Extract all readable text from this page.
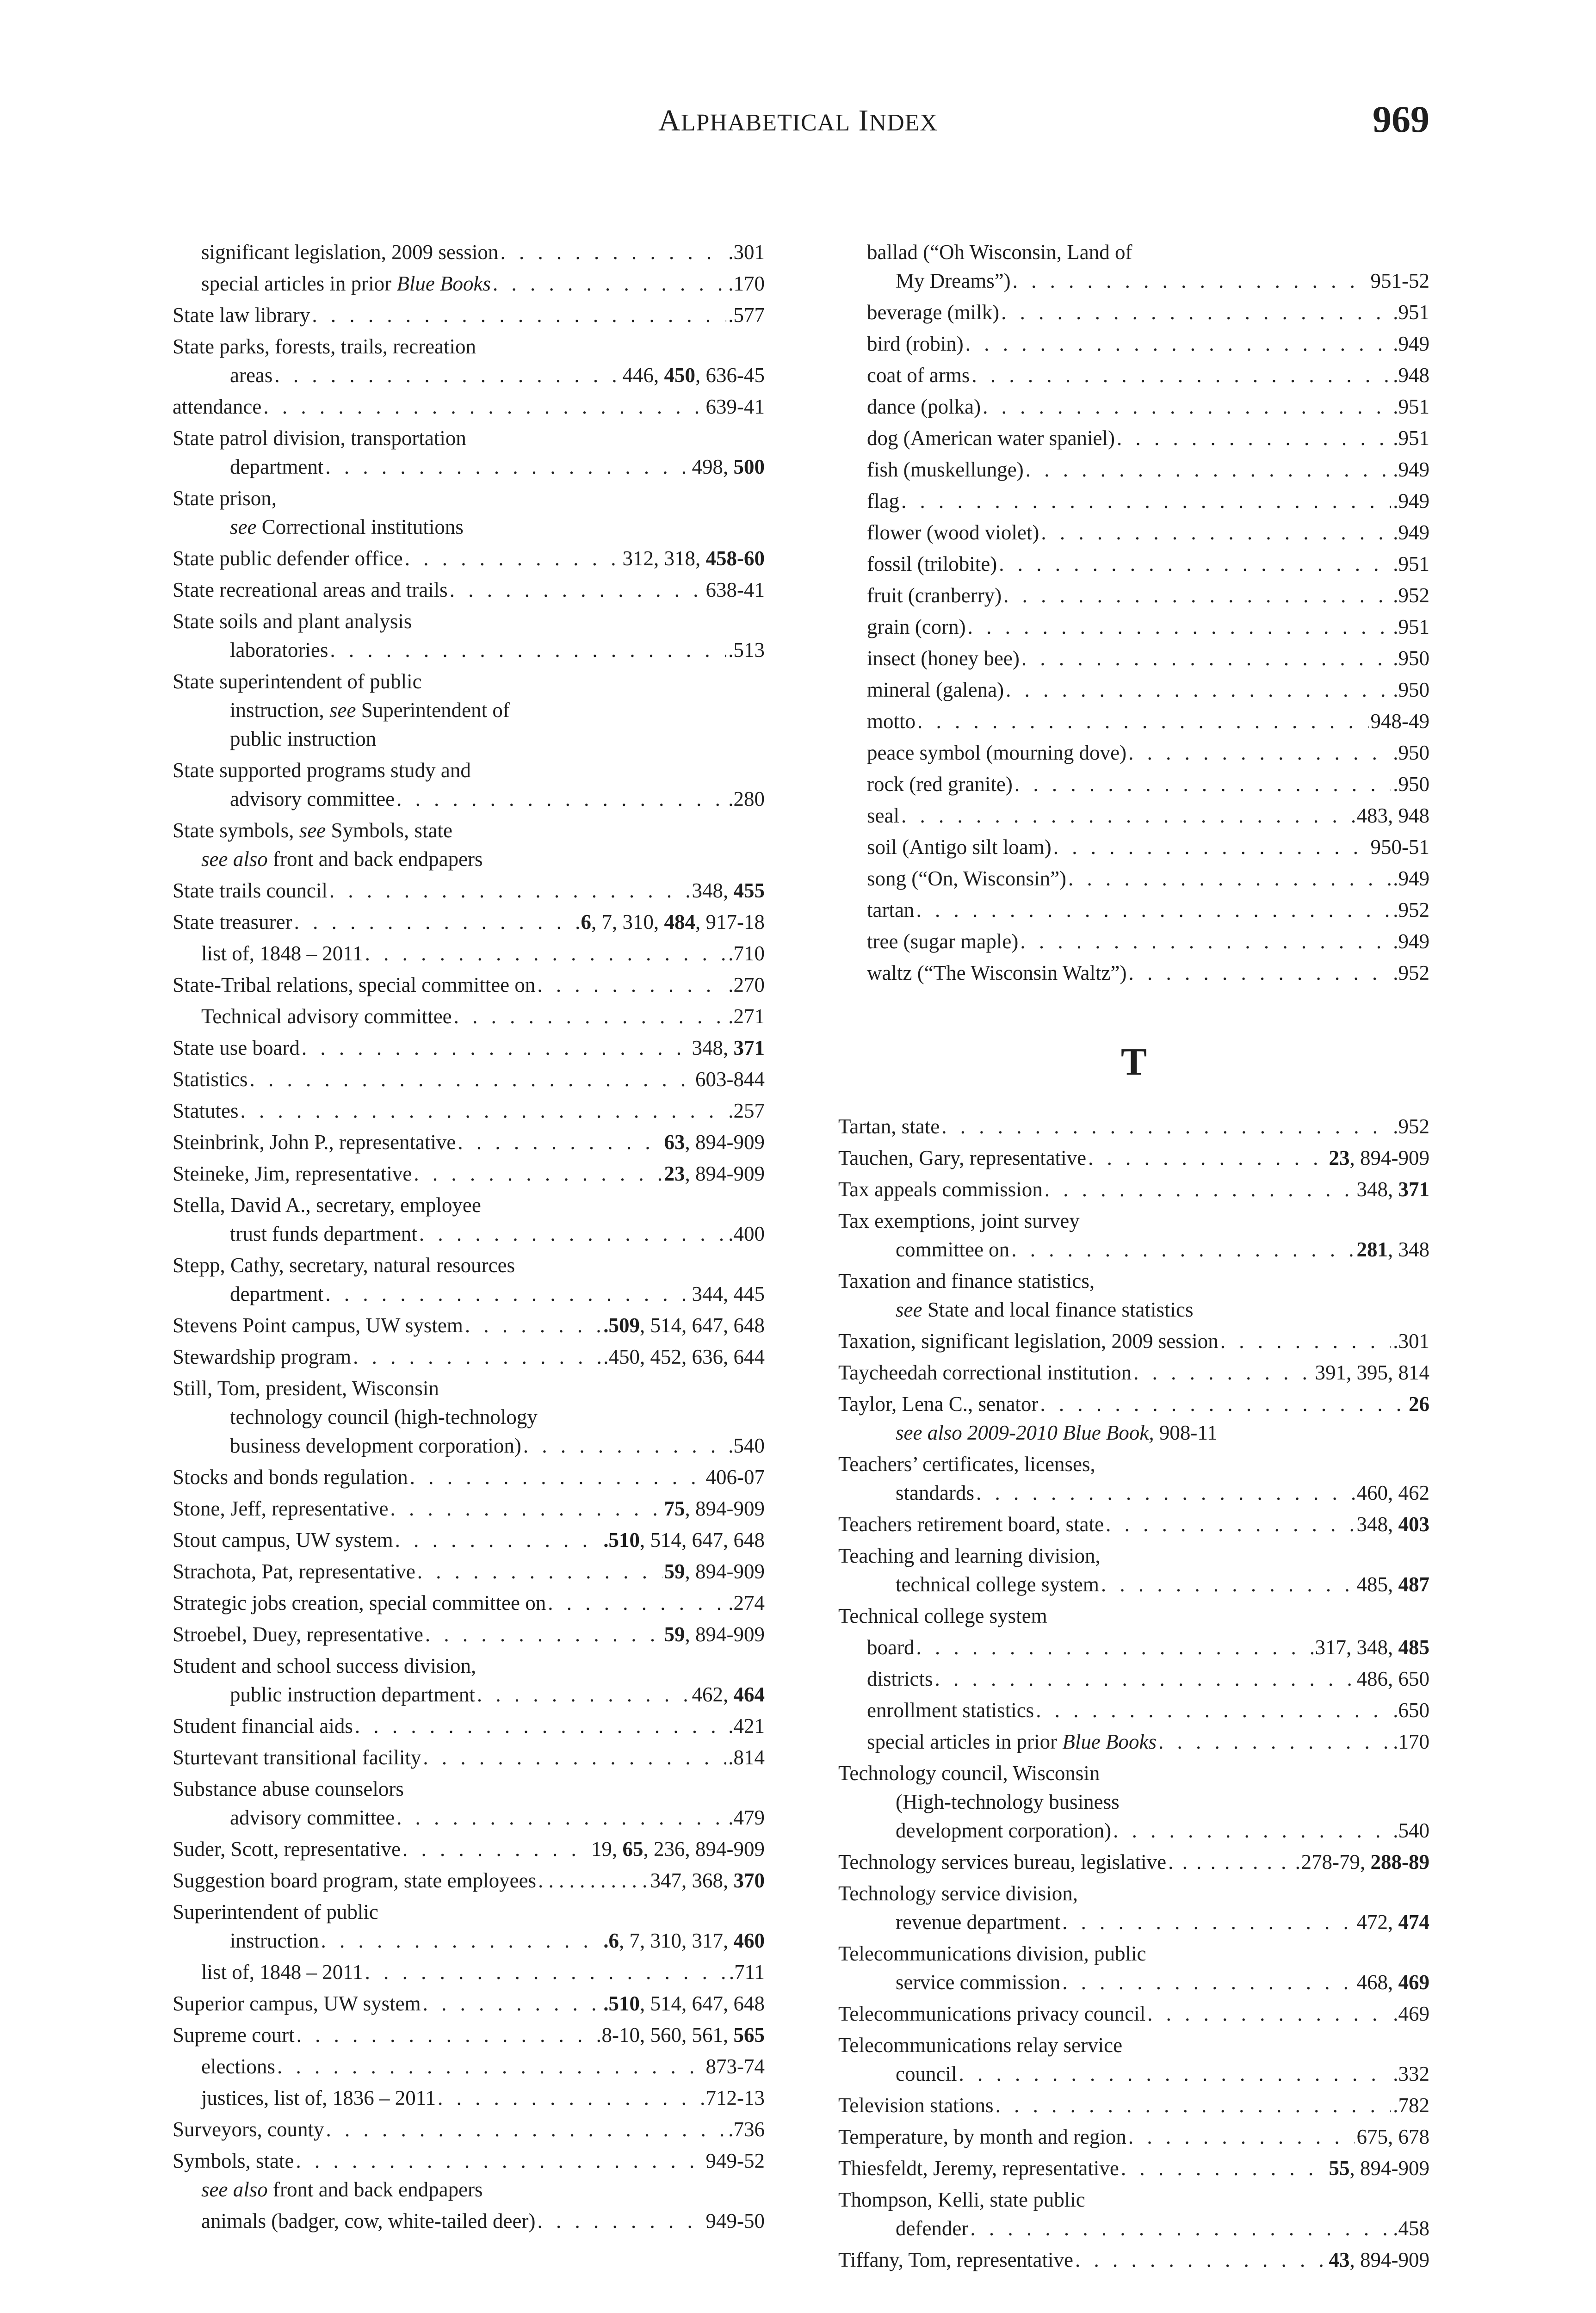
ALPHABETICAL INDEX	969
significant legislation, 2009 session . . .	.301
special articles in prior Blue Books . . .	.170
State law library . . .	.577
State parks, forests, trails, recreation
areas . . .	446, 450, 636-45
attendance . . .	639-41
State patrol division, transportation
department . . .	498, 500
State prison,
see Correctional institutions
State public defender office . . .	312, 318, 458-60
State recreational areas and trails . . .	638-41
State soils and plant analysis
laboratories . . .	.513
State superintendent of public
instruction, see Superintendent of
public instruction
State supported programs study and
advisory committee . . .	.280
State symbols, see Symbols, state
see also front and back endpapers
State trails council . . .	348, 455
State treasurer . . .	6, 7, 310, 484, 917-18
list of, 1848 – 2011 . . .	.710
State-Tribal relations, special committee on . . .	.270
Technical advisory committee . . .	.271
State use board . . .	348, 371
Statistics . . .	603-844
Statutes . . .	.257
Steinbrink, John P., representative . . .	63, 894-909
Steineke, Jim, representative . . .	23, 894-909
Stella, David A., secretary, employee
trust funds department . . .	.400
Stepp, Cathy, secretary, natural resources
department . . .	344, 445
Stevens Point campus, UW system . . .	.509, 514, 647, 648
Stewardship program . . .	.450, 452, 636, 644
Still, Tom, president, Wisconsin
technology council (high-technology
business development corporation) . . .	.540
Stocks and bonds regulation . . .	406-07
Stone, Jeff, representative . . .	75, 894-909
Stout campus, UW system . . .	.510, 514, 647, 648
Strachota, Pat, representative . . .	59, 894-909
Strategic jobs creation, special committee on . . .	.274
Stroebel, Duey, representative . . .	59, 894-909
Student and school success division,
public instruction department . . .	462, 464
Student financial aids . . .	.421
Sturtevant transitional facility . . .	.814
Substance abuse counselors
advisory committee . . .	.479
Suder, Scott, representative . . .	19, 65, 236, 894-909
Suggestion board program, state employees . . .	347, 368, 370
Superintendent of public
instruction . . .	.6, 7, 310, 317, 460
list of, 1848 – 2011 . . .	.711
Superior campus, UW system . . .	.510, 514, 647, 648
Supreme court . . .	8-10, 560, 561, 565
elections . . .	873-74
justices, list of, 1836 – 2011 . . .	712-13
Surveyors, county . . .	.736
Symbols, state . . .	949-52
see also front and back endpapers
animals (badger, cow, white-tailed deer) . . .	949-50
ballad (“Oh Wisconsin, Land of
My Dreams”) . . .	951-52
beverage (milk) . . .	.951
bird (robin) . . .	.949
coat of arms . . .	.948
dance (polka) . . .	.951
dog (American water spaniel) . . .	.951
fish (muskellunge) . . .	.949
flag . . .	.949
flower (wood violet) . . .	.949
fossil (trilobite) . . .	.951
fruit (cranberry) . . .	.952
grain (corn) . . .	.951
insect (honey bee) . . .	.950
mineral (galena) . . .	.950
motto . . .	948-49
peace symbol (mourning dove) . . .	.950
rock (red granite) . . .	.950
seal . . .	483, 948
soil (Antigo silt loam) . . .	950-51
song (“On, Wisconsin”) . . .	.949
tartan . . .	.952
tree (sugar maple) . . .	.949
waltz (“The Wisconsin Waltz”) . . .	.952
T
Tartan, state . . .	.952
Tauchen, Gary, representative . . .	23, 894-909
Tax appeals commission . . .	348, 371
Tax exemptions, joint survey
committee on . . .	281, 348
Taxation and finance statistics,
see State and local finance statistics
Taxation, significant legislation, 2009 session . . .	.301
Taycheedah correctional institution . . .	391, 395, 814
Taylor, Lena C., senator . . .	26
see also 2009-2010 Blue Book, 908-11
Teachers’ certificates, licenses,
standards . . .	460, 462
Teachers retirement board, state . . .	348, 403
Teaching and learning division,
technical college system . . .	485, 487
Technical college system
board . . .	317, 348, 485
districts . . .	486, 650
enrollment statistics . . .	.650
special articles in prior Blue Books . . .	.170
Technology council, Wisconsin
(High-technology business
development corporation) . . .	.540
Technology services bureau, legislative . . .	278-79, 288-89
Technology service division,
revenue department . . .	472, 474
Telecommunications division, public
service commission . . .	468, 469
Telecommunications privacy council . . .	.469
Telecommunications relay service
council . . .	.332
Television stations . . .	.782
Temperature, by month and region . . .	675, 678
Thiesfeldt, Jeremy, representative . . .	55, 894-909
Thompson, Kelli, state public
defender . . .	.458
Tiffany, Tom, representative . . .	43, 894-909
